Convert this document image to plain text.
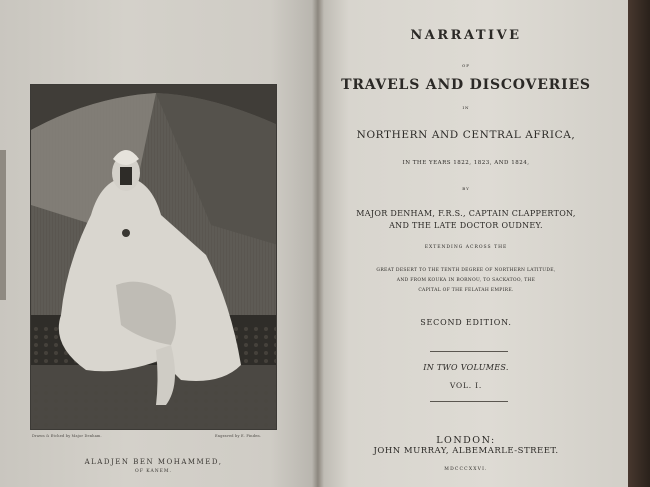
Drawn & Etched by Major Denham.	Engraved by E. Finden.
ALADJEN BEN MOHAMMED,
OF KANEM.
NARRATIVE
OF
TRAVELS AND DISCOVERIES
IN
NORTHERN AND CENTRAL AFRICA,
IN THE YEARS 1822, 1823, AND 1824,
BY
MAJOR DENHAM, F.R.S., CAPTAIN CLAPPERTON,
AND THE LATE DOCTOR OUDNEY.
EXTENDING ACROSS THE
GREAT DESERT TO THE TENTH DEGREE OF NORTHERN LATITUDE,
AND FROM KOUKA IN BORNOU, TO SACKATOO, THE
CAPITAL OF THE FELATAH EMPIRE.
SECOND EDITION.
IN TWO VOLUMES.
VOL. I.
LONDON:
JOHN MURRAY, ALBEMARLE-STREET.
MDCCCXXVI.
